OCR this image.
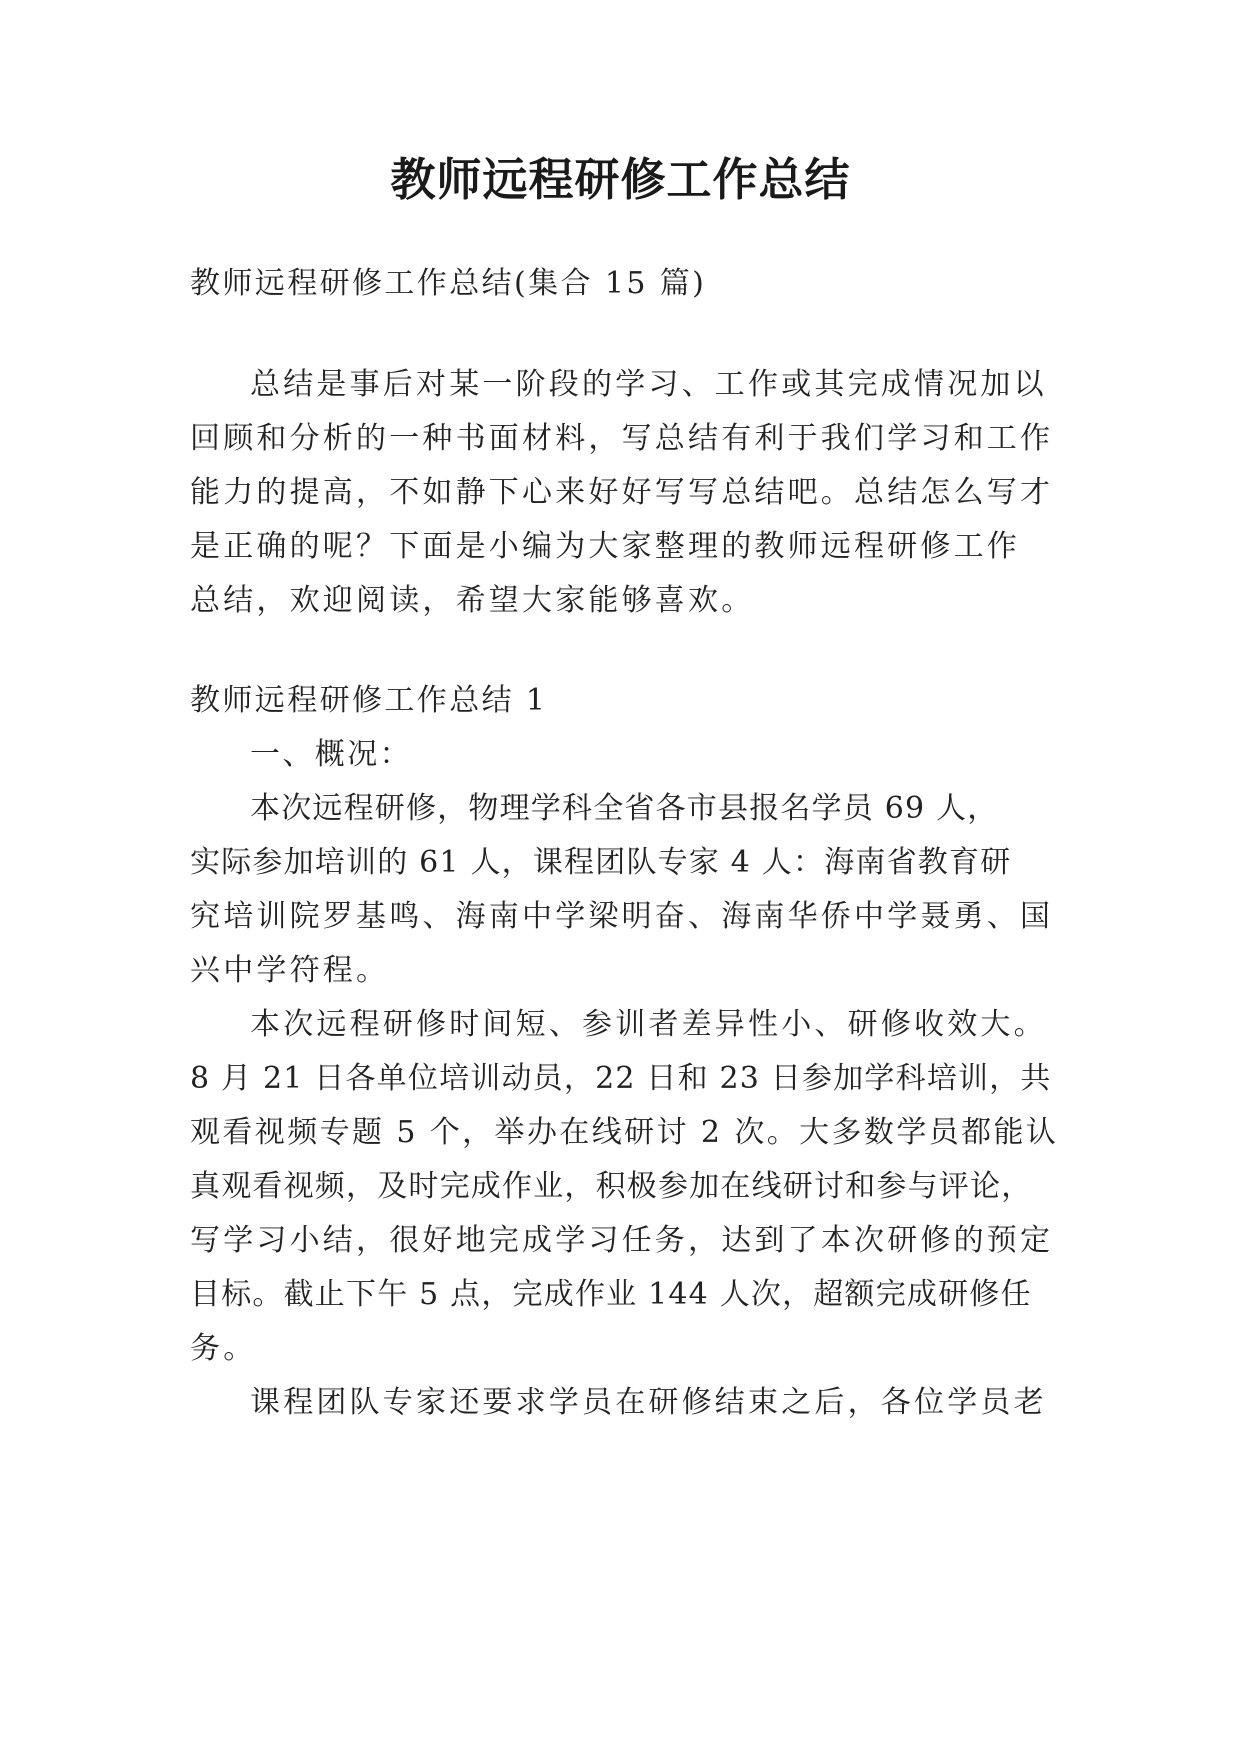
教师远程研修工作总结
教师远程研修工作总结(集合 15 篇)
总结是事后对某一阶段的学习、工作或其完成情况加以
回顾和分析的一种书面材料，写总结有利于我们学习和工作
能力的提高，不如静下心来好好写写总结吧。总结怎么写才
是正确的呢？下面是小编为大家整理的教师远程研修工作
总结，欢迎阅读，希望大家能够喜欢。
教师远程研修工作总结 1
一、概况：
本次远程研修，物理学科全省各市县报名学员 69 人，
实际参加培训的 61 人，课程团队专家 4 人：海南省教育研
究培训院罗基鸣、海南中学梁明奋、海南华侨中学聂勇、国
兴中学符程。
本次远程研修时间短、参训者差异性小、研修收效大。
8 月 21 日各单位培训动员，22 日和 23 日参加学科培训，共
观看视频专题 5 个，举办在线研讨 2 次。大多数学员都能认
真观看视频，及时完成作业，积极参加在线研讨和参与评论，
写学习小结，很好地完成学习任务，达到了本次研修的预定
目标。截止下午 5 点，完成作业 144 人次，超额完成研修任
务。
课程团队专家还要求学员在研修结束之后，各位学员老
